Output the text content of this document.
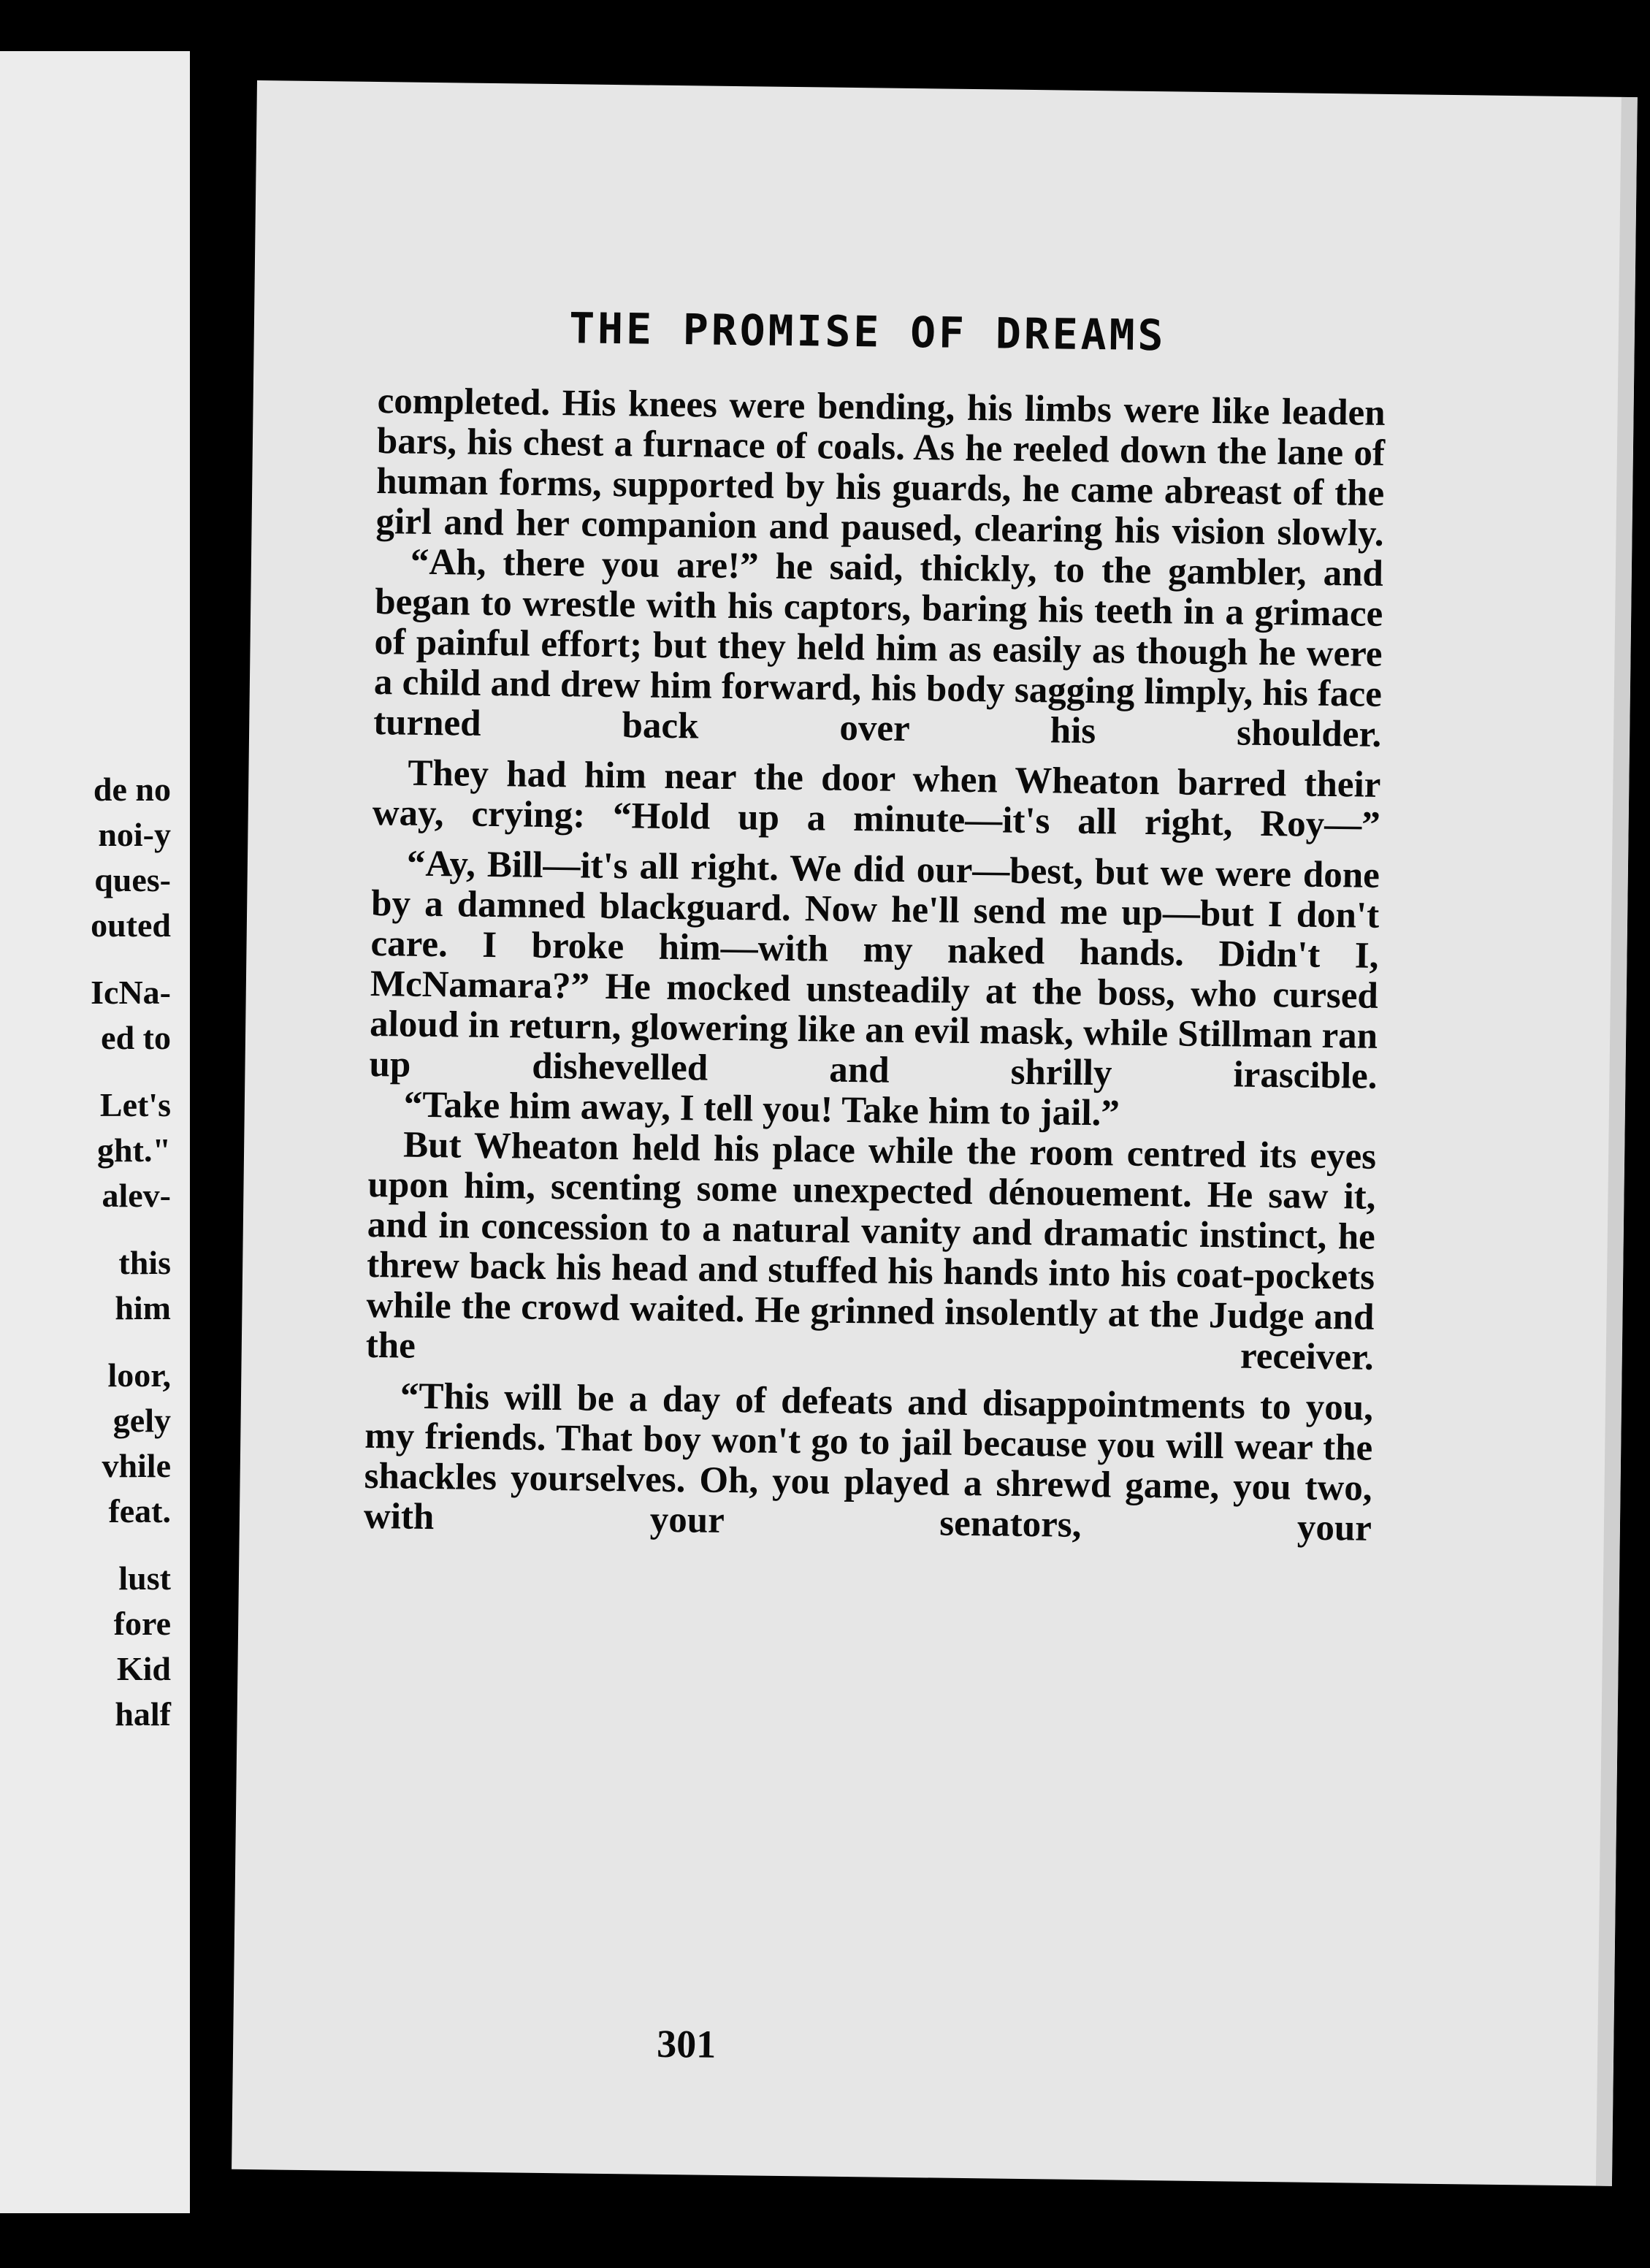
de no
noi-y
ques-
outed
IcNa-
ed to
Let's
ght."
alev-
this
him
loor,
gely
vhile
feat.
lust
fore
Kid
half
THE PROMISE OF DREAMS

completed. His knees were bending, his limbs were like leaden bars, his chest a furnace of coals. As he reeled down the lane of human forms, supported by his guards, he came abreast of the girl and her companion and paused, clearing his vision slowly.

“Ah, there you are!” he said, thickly, to the gambler, and began to wrestle with his captors, baring his teeth in a grimace of painful effort; but they held him as easily as though he were a child and drew him forward, his body sagging limply, his face turned back over his shoulder.

They had him near the door when Wheaton barred their way, crying: “Hold up a minute—it's all right, Roy—”

“Ay, Bill—it's all right. We did our—best, but we were done by a damned blackguard. Now he'll send me up—but I don't care. I broke him—with my naked hands. Didn't I, McNamara?” He mocked unsteadily at the boss, who cursed aloud in return, glowering like an evil mask, while Stillman ran up dishevelled and shrilly irascible.

“Take him away, I tell you! Take him to jail.”

But Wheaton held his place while the room centred its eyes upon him, scenting some unexpected dénouement. He saw it, and in concession to a natural vanity and dramatic instinct, he threw back his head and stuffed his hands into his coat-pockets while the crowd waited. He grinned insolently at the Judge and the receiver.

“This will be a day of defeats and disappointments to you, my friends. That boy won't go to jail because you will wear the shackles yourselves. Oh, you played a shrewd game, you two, with your senators, your

301
